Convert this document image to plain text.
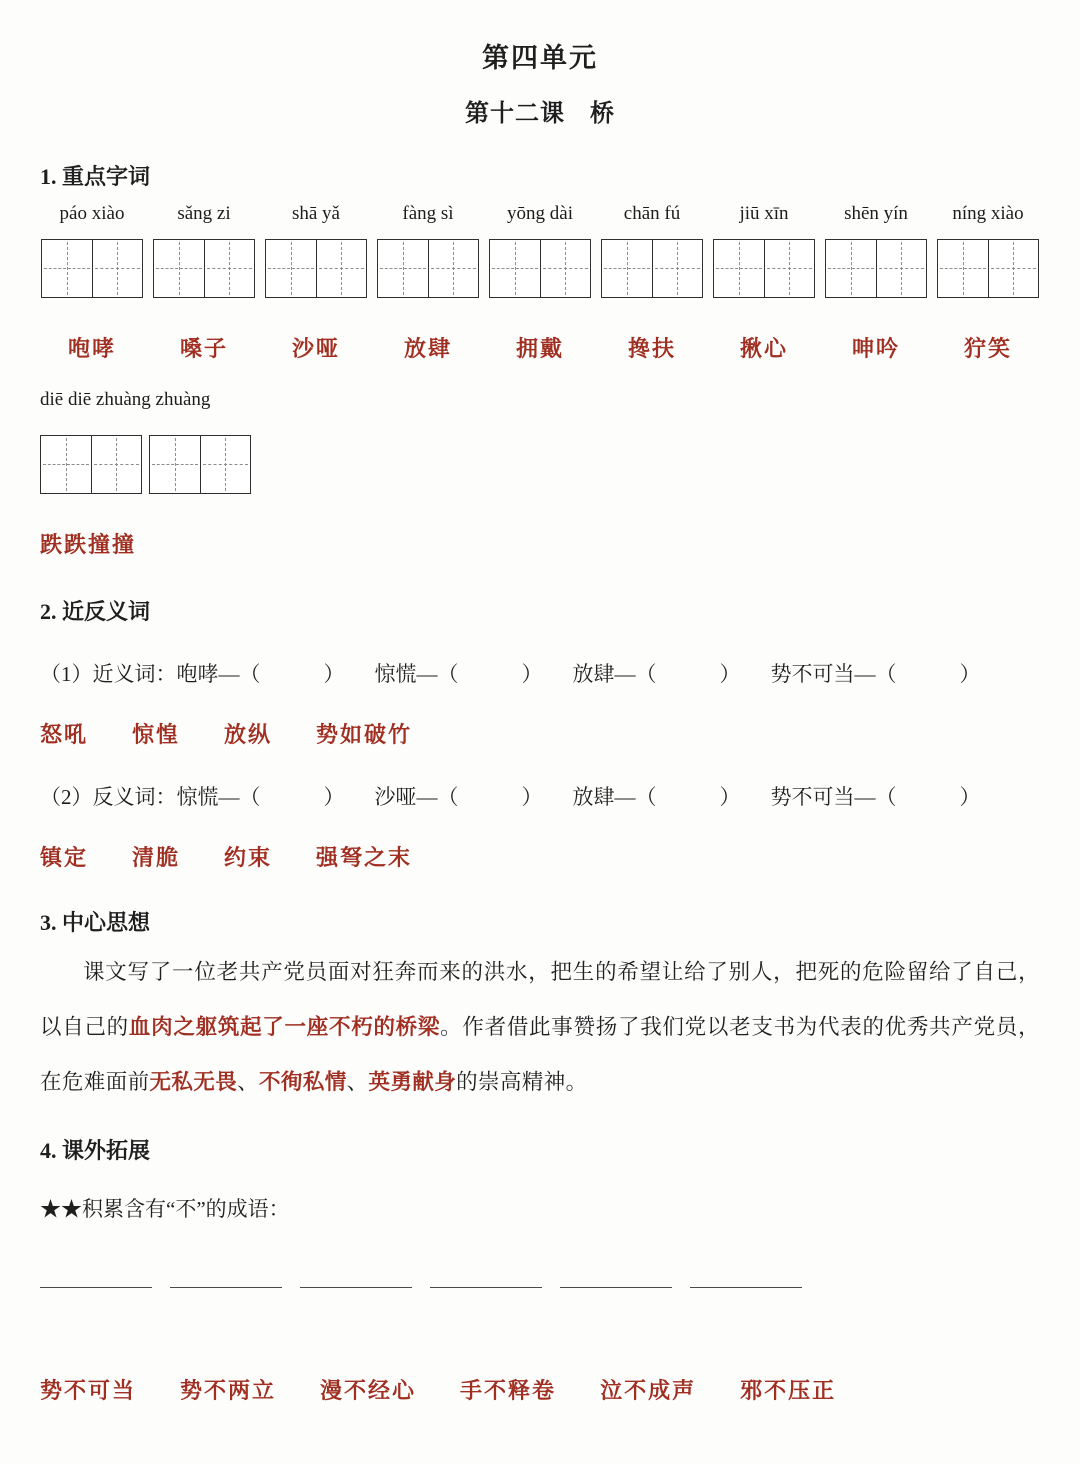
第四单元
第十二课　桥
1. 重点字词
páo xiào
咆哮
sǎng zi
嗓子
shā yǎ
沙哑
fàng sì
放肆
yōng dài
拥戴
chān fú
搀扶
jiū xīn
揪心
shēn yín
呻吟
níng xiào
狞笑
diē diē zhuàng zhuàng
跌跌撞撞
2. 近反义词
（1）近义词： 咆哮—（　　　） 惊慌—（　　　） 放肆—（　　　） 势不可当—（　　　）
怒吼 惊惶 放纵 势如破竹
（2）反义词： 惊慌—（　　　） 沙哑—（　　　） 放肆—（　　　） 势不可当—（　　　）
镇定 清脆 约束 强弩之末
3. 中心思想

课文写了一位老共产党员面对狂奔而来的洪水，把生的希望让给了别人，把死的危险留给了自己，以自己的血肉之躯筑起了一座不朽的桥梁。作者借此事赞扬了我们党以老支书为代表的优秀共产党员，在危难面前无私无畏、不徇私情、英勇献身的崇高精神。

4. 课外拓展
★★积累含有“不”的成语：
势不可当 势不两立 漫不经心 手不释卷 泣不成声 邪不压正
